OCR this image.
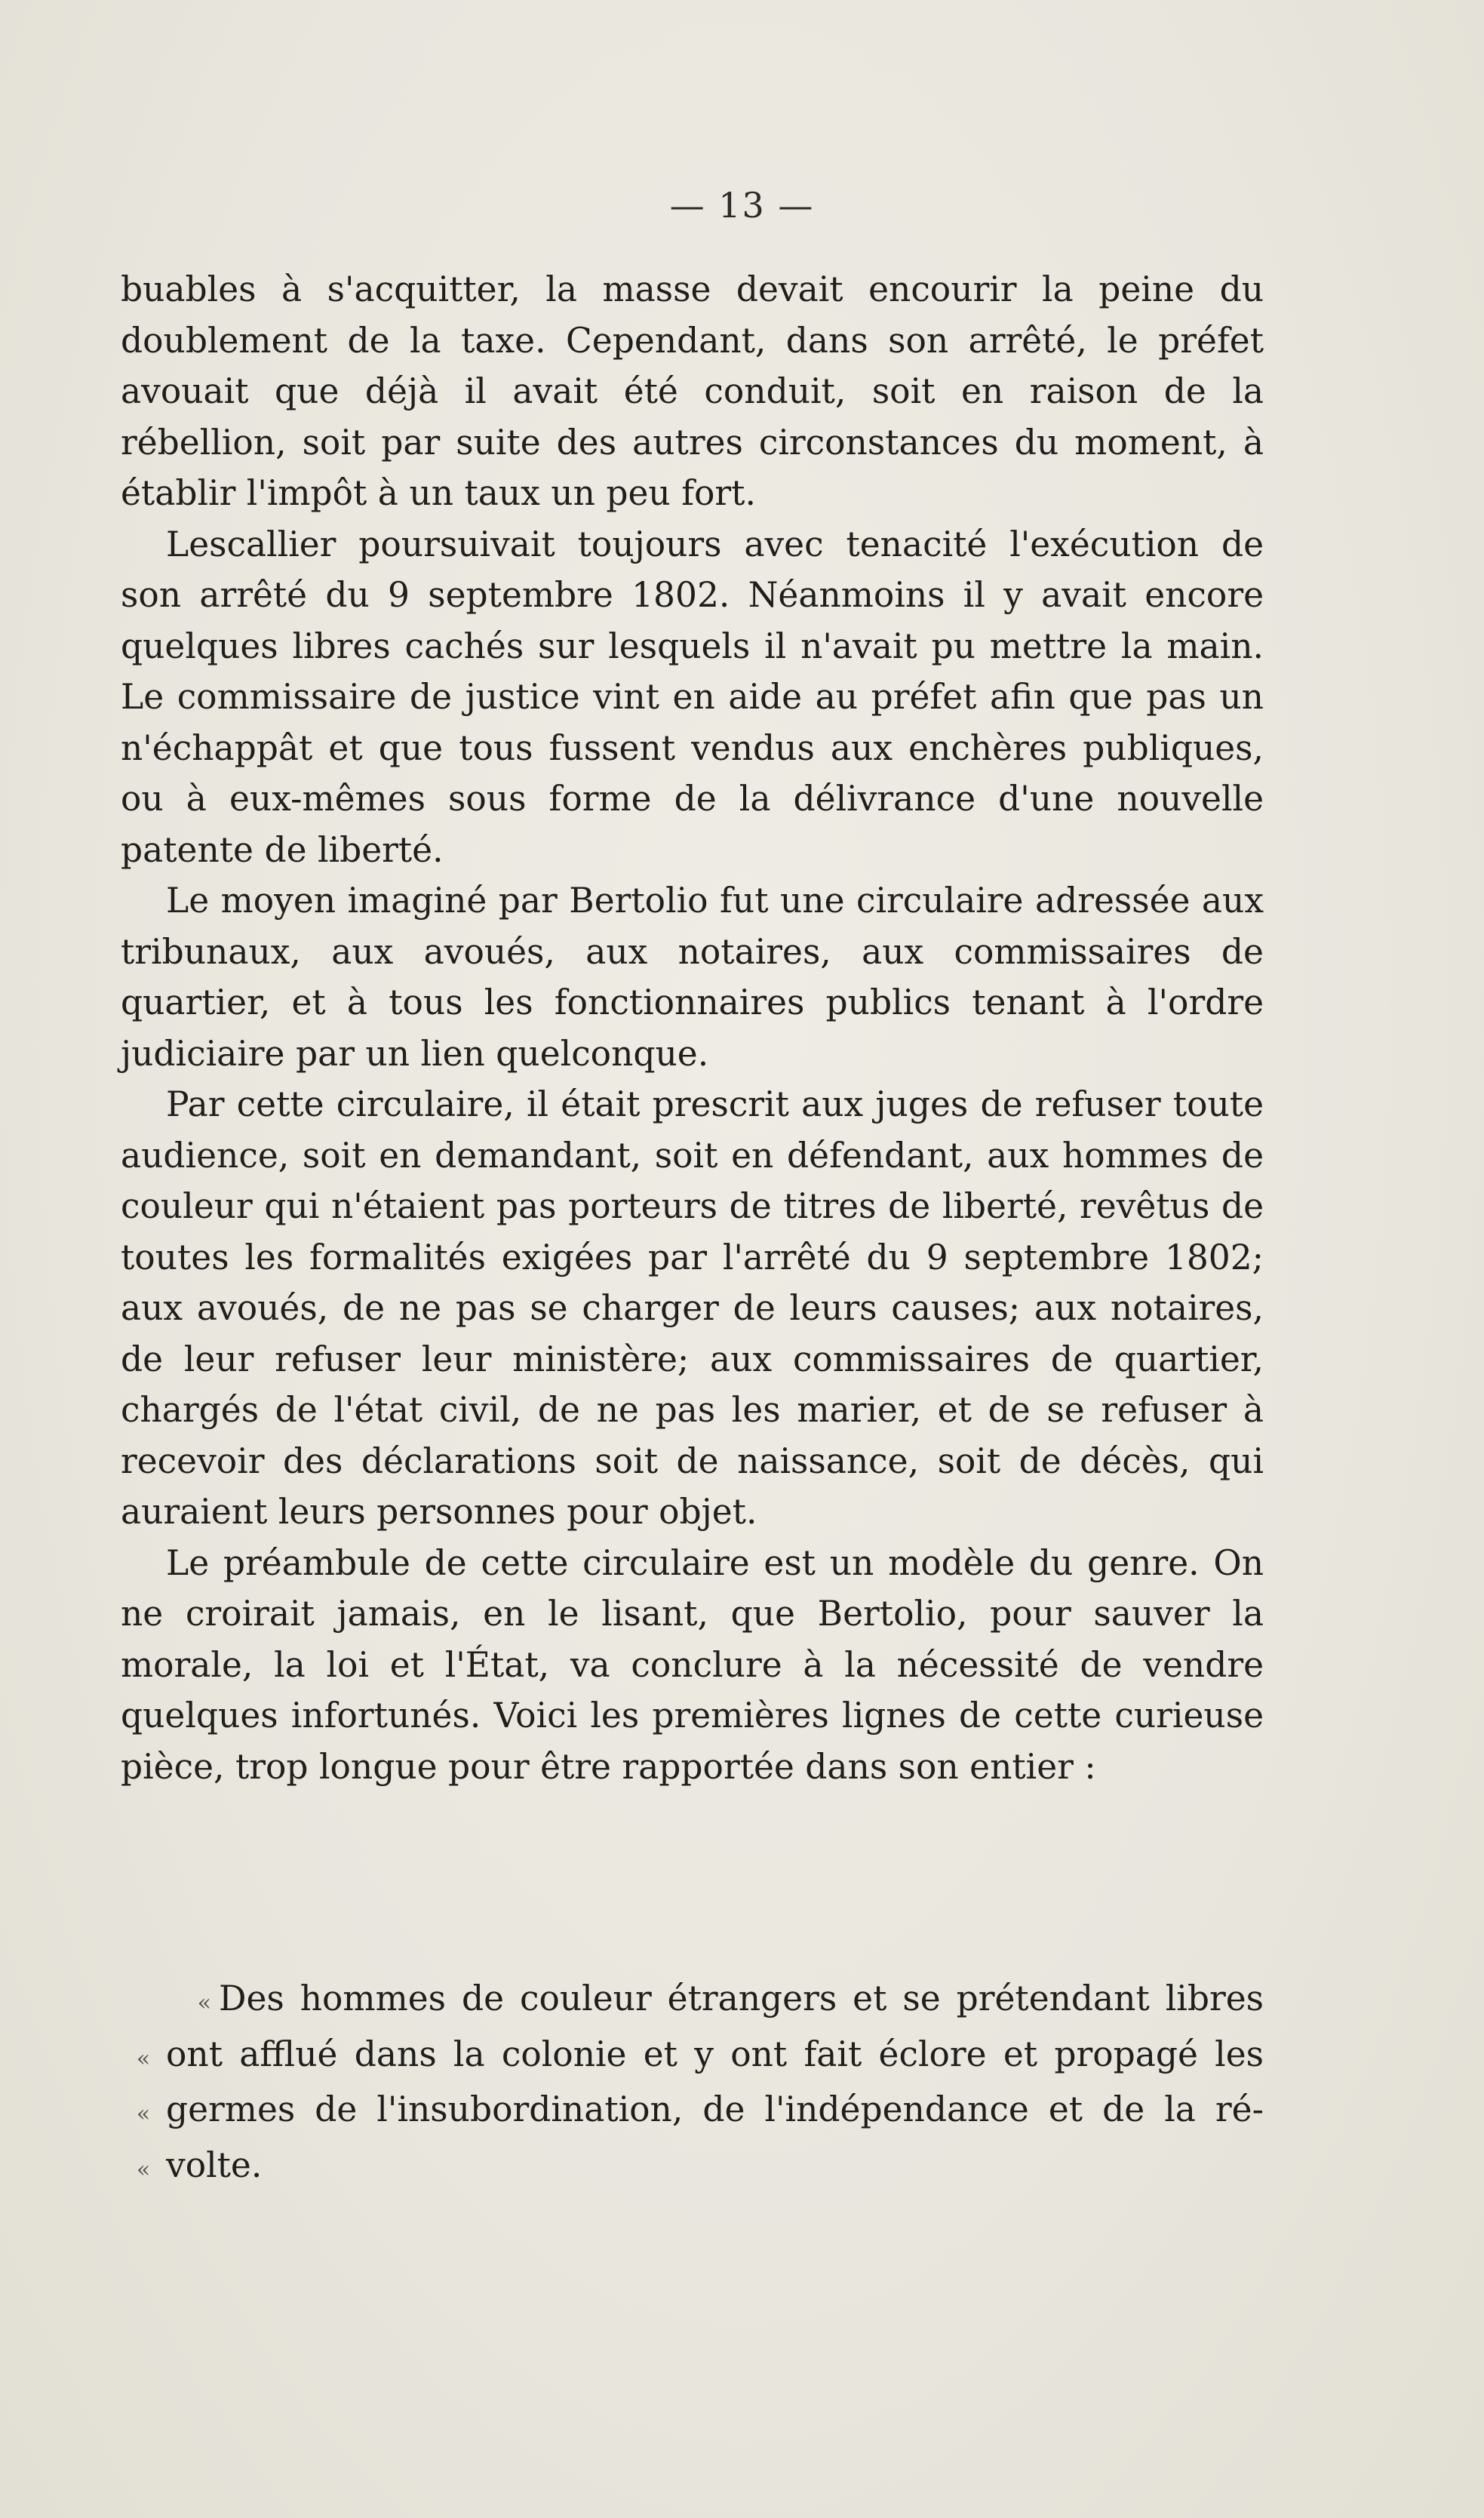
— 13 —

buables à s'acquitter, la masse devait encourir la peine du doublement de la taxe. Cependant, dans son arrêté, le préfet avouait que déjà il avait été conduit, soit en raison de la rébellion, soit par suite des autres circonstances du moment, à établir l'impôt à un taux un peu fort.

Lescallier poursuivait toujours avec tenacité l'exécution de son arrêté du 9 septembre 1802. Néanmoins il y avait encore quelques libres cachés sur lesquels il n'avait pu mettre la main. Le commissaire de justice vint en aide au préfet afin que pas un n'échappât et que tous fussent vendus aux enchères publiques, ou à eux-mêmes sous forme de la délivrance d'une nouvelle patente de liberté.

Le moyen imaginé par Bertolio fut une circulaire adressée aux tribunaux, aux avoués, aux notaires, aux commissaires de quartier, et à tous les fonctionnaires publics tenant à l'ordre judiciaire par un lien quelconque.

Par cette circulaire, il était prescrit aux juges de refuser toute audience, soit en demandant, soit en défendant, aux hommes de couleur qui n'étaient pas porteurs de titres de liberté, revêtus de toutes les formalités exigées par l'arrêté du 9 septembre 1802; aux avoués, de ne pas se charger de leurs causes; aux notaires, de leur refuser leur ministère; aux commissaires de quartier, chargés de l'état civil, de ne pas les marier, et de se refuser à recevoir des déclarations soit de naissance, soit de décès, qui auraient leurs personnes pour objet.

Le préambule de cette circulaire est un modèle du genre. On ne croirait jamais, en le lisant, que Bertolio, pour sauver la morale, la loi et l'État, va conclure à la nécessité de vendre quelques infortunés. Voici les premières lignes de cette curieuse pièce, trop longue pour être rapportée dans son entier :

« Des hommes de couleur étrangers et se prétendant libres
« ont afflué dans la colonie et y ont fait éclore et propagé les
« germes de l'insubordination, de l'indépendance et de la ré-
« volte.
